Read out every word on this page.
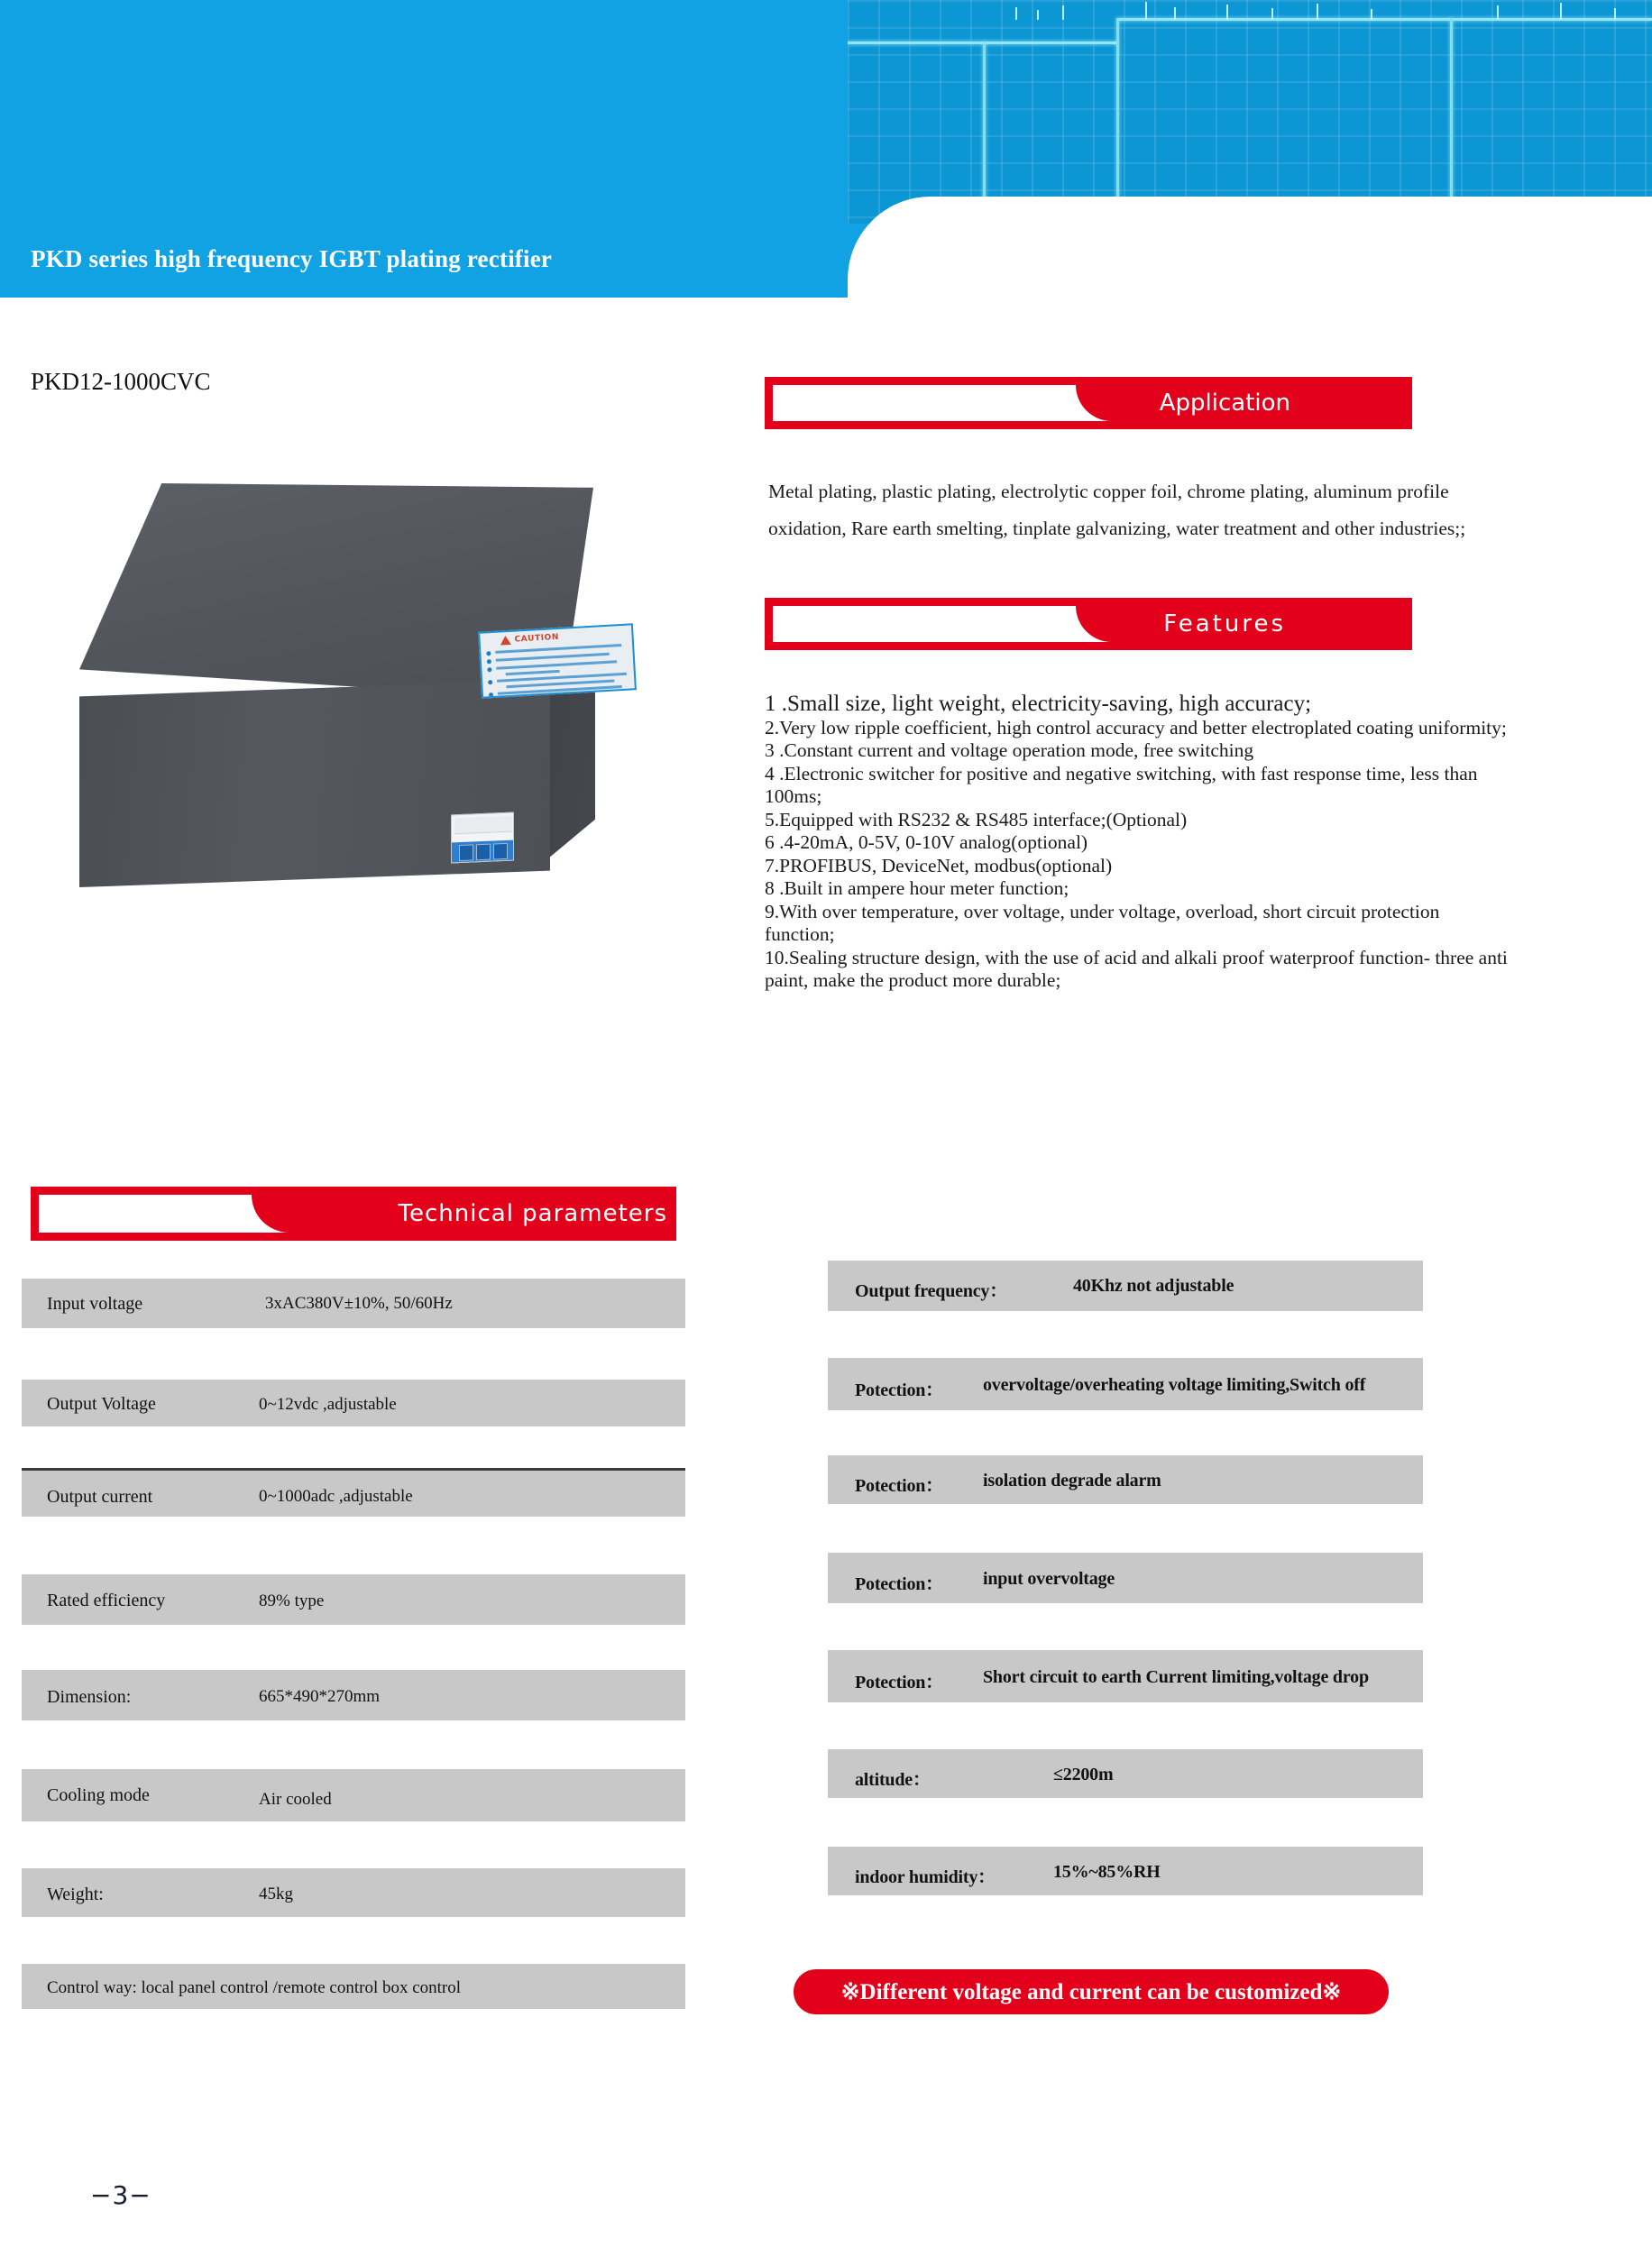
PKD series high frequency IGBT plating rectifier
PKD12-1000CVC
CAUTION
Application
Metal plating, plastic plating, electrolytic copper foil, chrome plating, aluminum profile oxidation, Rare earth smelting, tinplate galvanizing, water treatment and other industries;;
Features
1 .Small size, light weight, electricity-saving, high accuracy;
2.Very low ripple coefficient, high control accuracy and better electroplated coating uniformity;
3 .Constant current and voltage operation mode, free switching
4 .Electronic switcher for positive and negative switching, with fast response time, less than 100ms;
5.Equipped with RS232 & RS485 interface;(Optional)
6 .4-20mA, 0-5V, 0-10V analog(optional)
7.PROFIBUS, DeviceNet, modbus(optional)
8 .Built in ampere hour meter function;
9.With over temperature, over voltage, under voltage, overload, short circuit protection function;
10.Sealing structure design, with the use of acid and alkali proof waterproof function- three anti paint, make the product more durable;
Technical parameters
Input voltage	3xAC380V±10%, 50/60Hz
Output Voltage	0~12vdc ,adjustable
Output current	0~1000adc ,adjustable
Rated efficiency	89% type
Dimension:	665*490*270mm
Cooling mode	Air cooled
Weight:	45kg
Control way: local panel control /remote control box control
Output frequency：	40Khz not adjustable
Potection： overvoltage/overheating voltage limiting,Switch off
Potection： isolation degrade alarm
Potection： input overvoltage
Potection： Short circuit to earth Current limiting,voltage drop
altitude：	≤2200m
indoor humidity：	15%~85%RH
※Different voltage and current can be customized※
−3−
